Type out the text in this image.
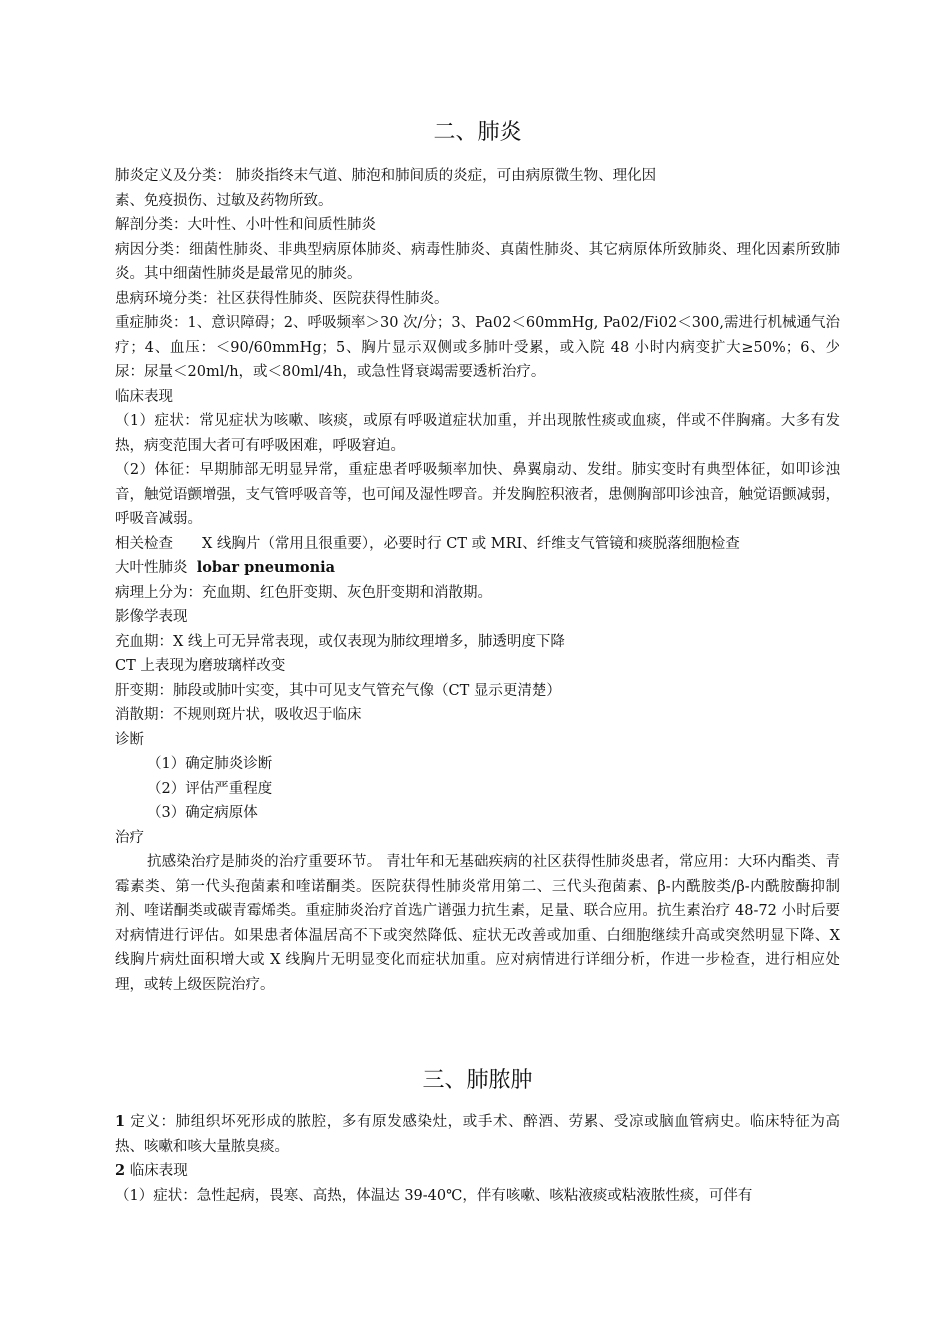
二、肺炎

肺炎定义及分类： 肺炎指终末气道、肺泡和肺间质的炎症，可由病原微生物、理化因

素、免疫损伤、过敏及药物所致。

解剖分类：大叶性、小叶性和间质性肺炎

病因分类：细菌性肺炎、非典型病原体肺炎、病毒性肺炎、真菌性肺炎、其它病原体所致肺炎、理化因素所致肺炎。其中细菌性肺炎是最常见的肺炎。

患病环境分类：社区获得性肺炎、医院获得性肺炎。

重症肺炎：1、意识障碍；2、呼吸频率＞30 次/分；3、Pa02＜60mmHg, Pa02/Fi02＜300,需进行机械通气治疗；4、血压：＜90/60mmHg；5、胸片显示双侧或多肺叶受累，或入院 48 小时内病变扩大≥50%；6、少尿：尿量＜20ml/h，或＜80ml/4h，或急性肾衰竭需要透析治疗。

临床表现

（1）症状：常见症状为咳嗽、咳痰，或原有呼吸道症状加重，并出现脓性痰或血痰，伴或不伴胸痛。大多有发热，病变范围大者可有呼吸困难，呼吸窘迫。

（2）体征：早期肺部无明显异常，重症患者呼吸频率加快、鼻翼扇动、发绀。肺实变时有典型体征，如叩诊浊音，触觉语颤增强，支气管呼吸音等，也可闻及湿性啰音。并发胸腔积液者，患侧胸部叩诊浊音，触觉语颤减弱，呼吸音减弱。

相关检查　　X 线胸片（常用且很重要），必要时行 CT 或 MRI、纤维支气管镜和痰脱落细胞检查

大叶性肺炎 lobar pneumonia

病理上分为：充血期、红色肝变期、灰色肝变期和消散期。

影像学表现

充血期：X 线上可无异常表现，或仅表现为肺纹理增多，肺透明度下降

CT 上表现为磨玻璃样改变

肝变期：肺段或肺叶实变，其中可见支气管充气像（CT 显示更清楚）

消散期：不规则斑片状，吸收迟于临床

诊断

（1）确定肺炎诊断

（2）评估严重程度

（3）确定病原体

治疗

抗感染治疗是肺炎的治疗重要环节。 青壮年和无基础疾病的社区获得性肺炎患者，常应用：大环内酯类、青霉素类、第一代头孢菌素和喹诺酮类。医院获得性肺炎常用第二、三代头孢菌素、β-内酰胺类/β-内酰胺酶抑制剂、喹诺酮类或碳青霉烯类。重症肺炎治疗首选广谱强力抗生素，足量、联合应用。抗生素治疗 48-72 小时后要对病情进行评估。如果患者体温居高不下或突然降低、症状无改善或加重、白细胞继续升高或突然明显下降、X 线胸片病灶面积增大或 X 线胸片无明显变化而症状加重。应对病情进行详细分析，作进一步检查，进行相应处理，或转上级医院治疗。

三、肺脓肿

1 定义：肺组织坏死形成的脓腔，多有原发感染灶，或手术、醉酒、劳累、受凉或脑血管病史。临床特征为高热、咳嗽和咳大量脓臭痰。

2 临床表现

（1）症状：急性起病，畏寒、高热，体温达 39-40℃，伴有咳嗽、咳粘液痰或粘液脓性痰，可伴有
